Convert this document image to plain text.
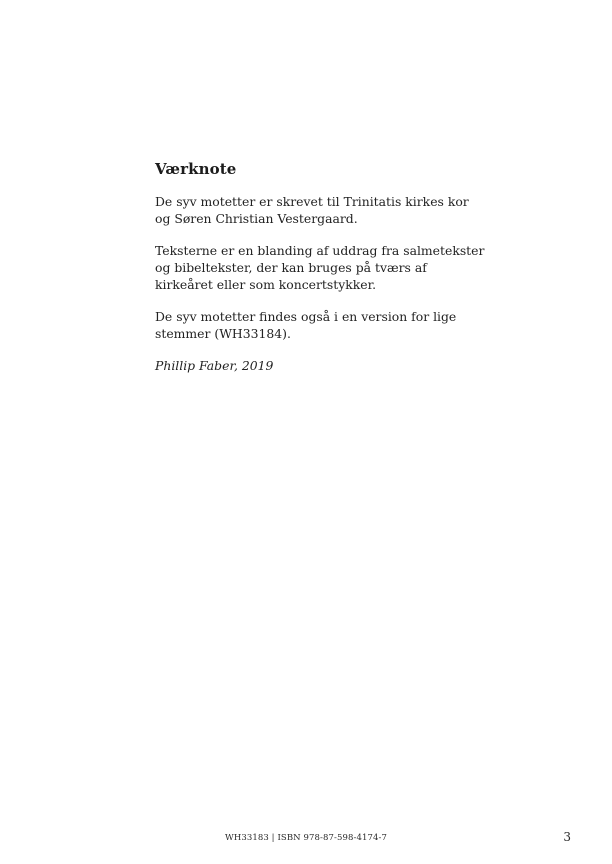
Værknote

De syv motetter er skrevet til Trinitatis kirkes kor og Søren Christian Vestergaard.

Teksterne er en blanding af uddrag fra salmetekster og bibeltekster, der kan bruges på tværs af kirkeåret eller som koncertstykker.

De syv motetter findes også i en version for lige stemmer (WH33184).

Phillip Faber, 2019

WH33183 | ISBN 978-87-598-4174-7	3
